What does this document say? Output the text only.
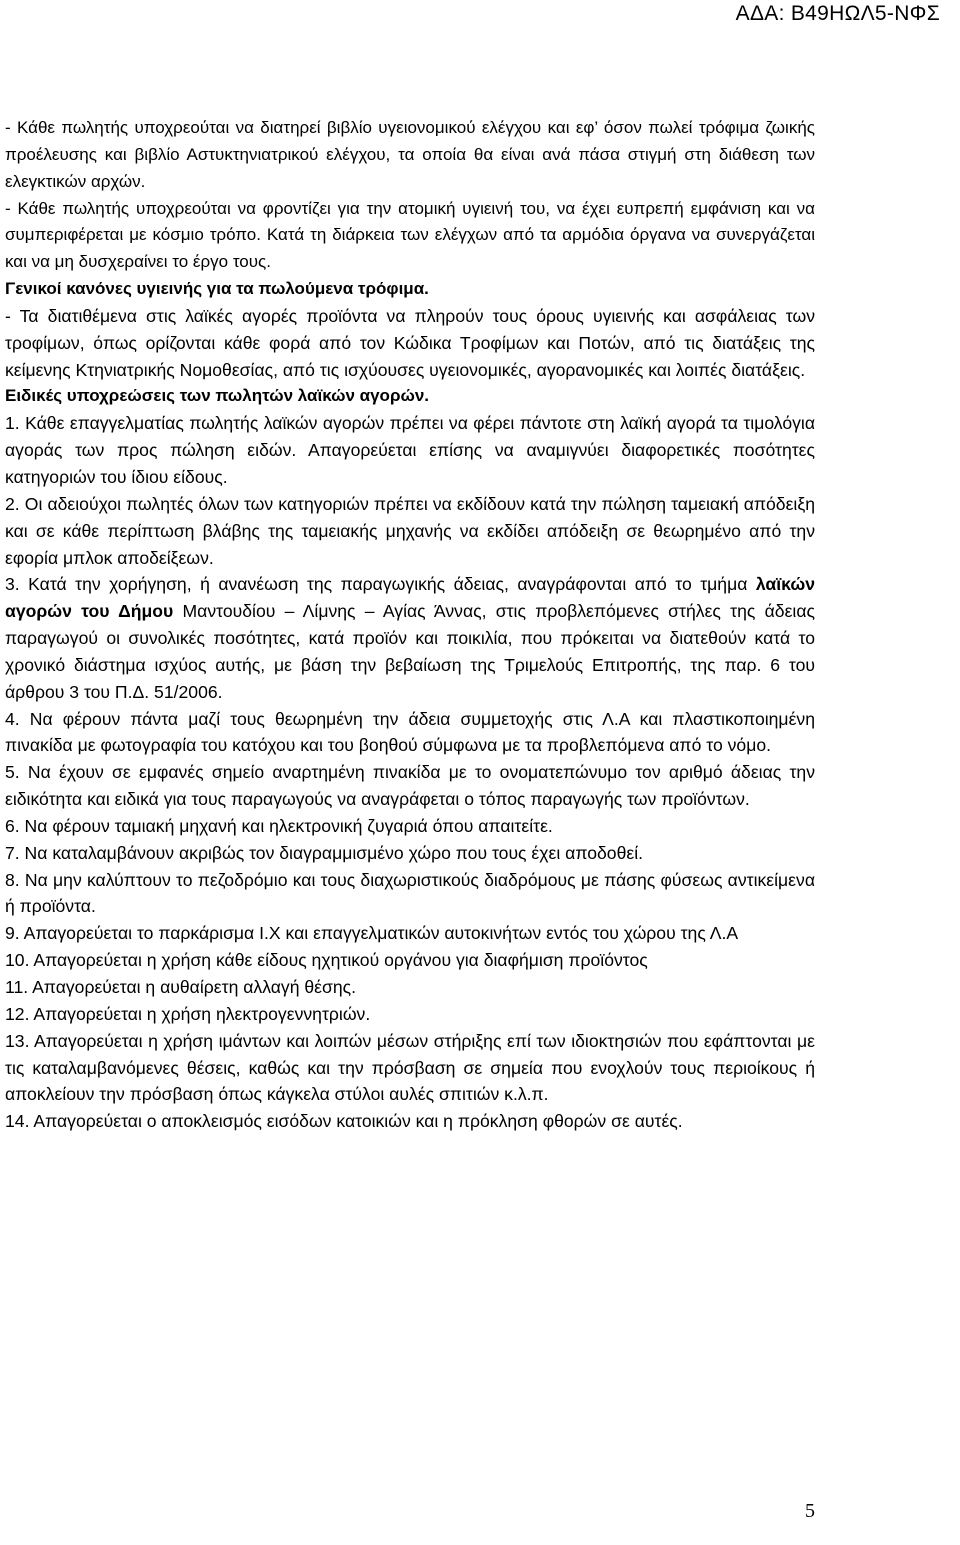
ΑΔΑ: Β49ΗΩΛ5-ΝΦΣ

- Κάθε πωλητής υποχρεούται να διατηρεί βιβλίο υγειονομικού ελέγχου και εφ’ όσον πωλεί τρόφιμα ζωικής προέλευσης και βιβλίο Αστυκτηνιατρικού ελέγχου, τα οποία θα είναι ανά πάσα στιγμή στη διάθεση των ελεγκτικών αρχών.

- Κάθε πωλητής υποχρεούται να φροντίζει για την ατομική υγιεινή του, να έχει ευπρεπή εμφάνιση και να συμπεριφέρεται με κόσμιο τρόπο. Κατά τη διάρκεια των ελέγχων από τα αρμόδια όργανα να συνεργάζεται και να μη δυσχεραίνει το έργο τους.

Γενικοί κανόνες υγιεινής για τα πωλούμενα τρόφιμα.

- Τα διατιθέμενα στις λαϊκές αγορές προϊόντα να πληρούν τους όρους υγιεινής και ασφάλειας των τροφίμων, όπως ορίζονται κάθε φορά από τον Κώδικα Τροφίμων και Ποτών, από τις διατάξεις της κείμενης Κτηνιατρικής Νομοθεσίας, από τις ισχύουσες υγειονομικές, αγορανομικές και λοιπές διατάξεις.

Ειδικές υποχρεώσεις των πωλητών λαϊκών αγορών.

1. Κάθε επαγγελματίας πωλητής λαϊκών αγορών πρέπει να φέρει πάντοτε στη λαϊκή αγορά τα τιμολόγια αγοράς των προς πώληση ειδών. Απαγορεύεται επίσης να αναμιγνύει διαφορετικές ποσότητες κατηγοριών του ίδιου είδους.

2. Οι αδειούχοι πωλητές όλων των κατηγοριών πρέπει να εκδίδουν κατά την πώληση ταμειακή απόδειξη και σε κάθε περίπτωση βλάβης της ταμειακής μηχανής να εκδίδει απόδειξη σε θεωρημένο από την εφορία μπλοκ αποδείξεων.

3. Κατά την χορήγηση, ή ανανέωση της παραγωγικής άδειας, αναγράφονται από το τμήμα λαϊκών αγορών του Δήμου Μαντουδίου – Λίμνης – Αγίας Άννας, στις προβλεπόμενες στήλες της άδειας παραγωγού οι συνολικές ποσότητες, κατά προϊόν και ποικιλία, που πρόκειται να διατεθούν κατά το χρονικό διάστημα ισχύος αυτής, με βάση την βεβαίωση της Τριμελούς Επιτροπής, της παρ. 6 του άρθρου 3 του Π.Δ. 51/2006.

4. Να φέρουν πάντα μαζί τους θεωρημένη την άδεια συμμετοχής στις Λ.Α και πλαστικοποιημένη πινακίδα με φωτογραφία του κατόχου και του βοηθού σύμφωνα με τα προβλεπόμενα από το νόμο.

5. Να έχουν σε εμφανές σημείο αναρτημένη πινακίδα με το ονοματεπώνυμο τον αριθμό άδειας την ειδικότητα και ειδικά για τους παραγωγούς να αναγράφεται ο τόπος παραγωγής των προϊόντων.

6. Να φέρουν ταμιακή μηχανή και ηλεκτρονική ζυγαριά όπου απαιτείτε.

7. Να καταλαμβάνουν ακριβώς τον διαγραμμισμένο χώρο που τους έχει αποδοθεί.

8. Να μην καλύπτουν το πεζοδρόμιο και τους διαχωριστικούς διαδρόμους με πάσης φύσεως αντικείμενα ή προϊόντα.

9. Απαγορεύεται το παρκάρισμα Ι.Χ και επαγγελματικών αυτοκινήτων εντός του χώρου της Λ.Α

10. Απαγορεύεται η χρήση κάθε είδους ηχητικού οργάνου για διαφήμιση προϊόντος

11. Απαγορεύεται η αυθαίρετη αλλαγή θέσης.

12. Απαγορεύεται η χρήση ηλεκτρογεννητριών.

13. Απαγορεύεται η χρήση ιμάντων και λοιπών μέσων στήριξης επί των ιδιοκτησιών που εφάπτονται με τις καταλαμβανόμενες θέσεις, καθώς και την πρόσβαση σε σημεία που ενοχλούν τους περιοίκους ή αποκλείουν την πρόσβαση όπως κάγκελα στύλοι αυλές σπιτιών κ.λ.π.

14. Απαγορεύεται ο αποκλεισμός εισόδων κατοικιών και η πρόκληση φθορών σε αυτές.

5
